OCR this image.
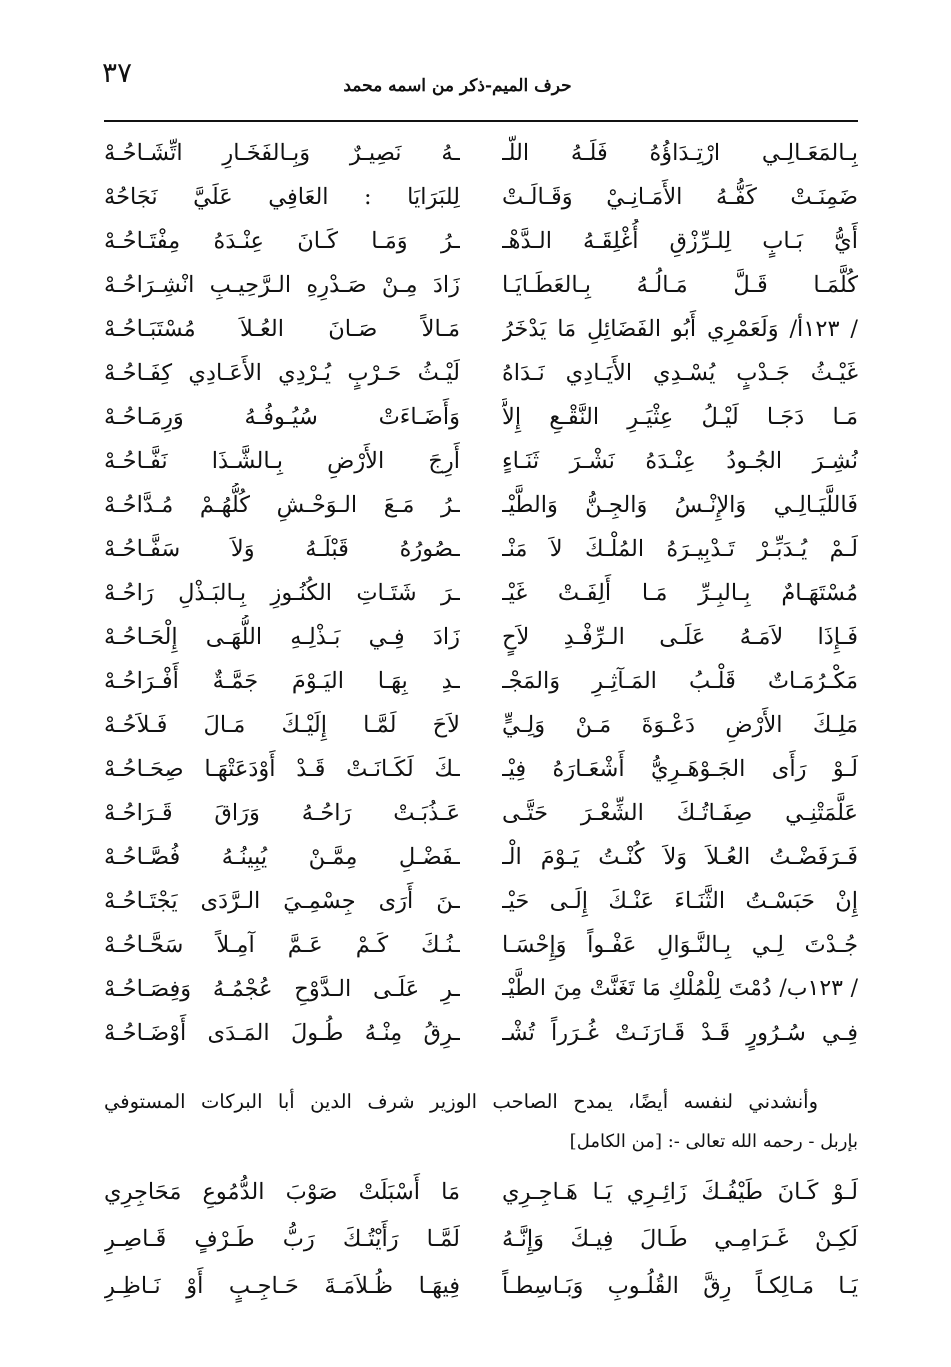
٣٧	حرف الميم-ذكر من اسمه محمد
بِـالمَعَـالِـي ارْتِـدَاؤُهُ فَلَـهُ اللّـ
ـهُ نَصِيـرٌ وَبِـالفَخَـارِ اتِّشَـاحُـهْ
ضَمِنَـتْ كَفُّـهُ الأَمَـانِـيْ وَقَـالَـتْ
لِلبَرَايَا : العَافِي عَلَيَّ نَجَاحُهْ
أَيُّ بَـابٍ لِلـرِّزْقِ أُغْلِقَـهُ الـدَّهْـ
ـرُ وَمَـا كَـانَ عِنْـدَهُ مِفْتَـاحُـهْ
كُلَّمَـا قَـلَّ مَـالُـهُ بِـالعَطَـايَـا
زَادَ مِـنْ صَـدْرِهِ الـرَّحِيـبِ انْشِـرَاحُـهْ
/ ١٢٣أ/ وَلَعَمْرِي أَبُو الفَضَائِلِ مَا يَدْخَرُ
مَـالاً صَـانَ العُـلاَ مُسْتَبَـاحُـهْ
غَيْـثُ جَـدْبٍ يُسْـدِي الأَيَـادِي نَـدَاهُ
لَيْـثُ حَـرْبٍ يُـرْدِي الأَعَـادِي كِفَـاحُـهْ
مَـا دَجَـا لَيْـلُ عِثْيَـرِ النَّقْـعِ إِلاَّ
وَأَضَـاءَتْ سُيُـوفُـهُ وَرِمَـاحُـهْ
نُشِـرَ الجُـودُ عِنْـدَهُ نَشْـرَ ثَنَـاءٍ
أَرِجَ الأَرْضِ بِـالشَّـذَا نَفَّـاحُـهْ
فَاللَّيَـالِـي وَالإِنْـسُ وَالجِـنُّ وَالطَّيْـ
ـرُ مَـعَ الـوَحْـشِ كُلُّهُـمْ مُـدَّاحُـهْ
لَـمْ يُـدَبِّـرْ تَـدْبِيـرَهُ المُلْـكَ لاَ مَنْـ
ـصُورُهُ قَبْلَـهُ وَلاَ سَفَّـاحُـهْ
مُسْتَهَـامٌ بِـالبِـرِّ مَـا أَلِفَـتْ غَيْـ
ـرَ شَتَـاتِ الكُنُـوزِ بِـالبَـذْلِ رَاحُـهْ
فَـإِذَا لاَمَـهُ عَلَـى الـرِّفْـدِ لاَحٍ
زَادَ فِـي بَـذْلِـهِ اللُّهَـى إِلْحَـاحُـهْ
مَكْـرُمَـاتٌ قَلْـبُ المَـآثِـرِ وَالمَجْـ
ـدِ بِهَـا اليَـوْمَ جَمَّـةٌ أَفْـرَاحُـهْ
مَلِـكَ الأَرْضِ دَعْـوَةَ مَـنْ وَلِـيٍّ
لاَحَ لَمَّـا إِلَيْـكَ مَـالَ فَـلاَحُـهْ
لَـوْ رَأَى الجَـوْهَـرِيُّ أَشْعَـارَهُ فِيْـ
ـكَ لَكَـانَـتْ قَـدْ أَوْدَعَتْهَـا صِحَـاحُـهْ
عَلَّمَتْنِـي صِفَـاتُـكَ الشِّعْـرَ حَتَّـى
عَـذُبَـتْ رَاحُـهُ وَرَاقَ قَـرَاحُـهْ
فَـرَفَضْـتُ العُـلاَ وَلاَ كُنْـتُ يَـوْمَ الْـ
ـفَضْـلِ مِمَّـنْ يُبِينُـهُ فُصَّـاحُـهْ
إِنْ حَبَسْـتُ الثَّنَـاءَ عَنْـكَ إِلَـى حَيْـ
ـنَ أَرَى جِسْمِـيَ الـرَّدَى يَجْتَـاحُـهْ
جُـدْتَ لِـي بِـالنَّـوَالِ عَفْـواً وَإِحْسَـا
ـنُـكَ كَـمْ عَـمَّ آمِـلاً سَحَّـاحُـهْ
/ ١٢٣ب/ دُمْتَ لِلْمُلْكِ مَا تَغَنَّتْ مِنَ الطَّيْـ
ـرِ عَلَـى الـدَّوْحِ عُجْمُـهُ وَفِصَـاحُـهْ
فِـي سُـرُورٍ قَـدْ قَـارَنَـتْ غُـرَراً تُشْـ
ـرِقُ مِنْـهُ طُـولَ المَـدَى أَوْضَـاحُـهْ
وأنشدني لنفسه أيضًا، يمدح الصاحب الوزير شرف الدين أبا البركات المستوفي
بإربل - رحمه الله تعالى -: [من الكامل]
لَـوْ كَـانَ طَيْفُـكَ زَائِـرِي يَـا هَـاجِـرِي
مَا أَسْبَلَتْ صَوْبَ الدُّمُوعِ مَحَاجِرِي
لَكِـنْ غَـرَامِـي طَـالَ فِيـكَ وَإِنَّـهُ
لَمَّـا رَأَيْتُـكَ رَبُّ طَـرْفٍ قَـاصِـرِ
يَـا مَـالِكـاً رِقَّ القُلُـوبِ وَبَـاسِطـاً
فِيهَـا ظُـلاَمَـةَ حَـاجِـبٍ أَوْ نَـاظِـرِ
